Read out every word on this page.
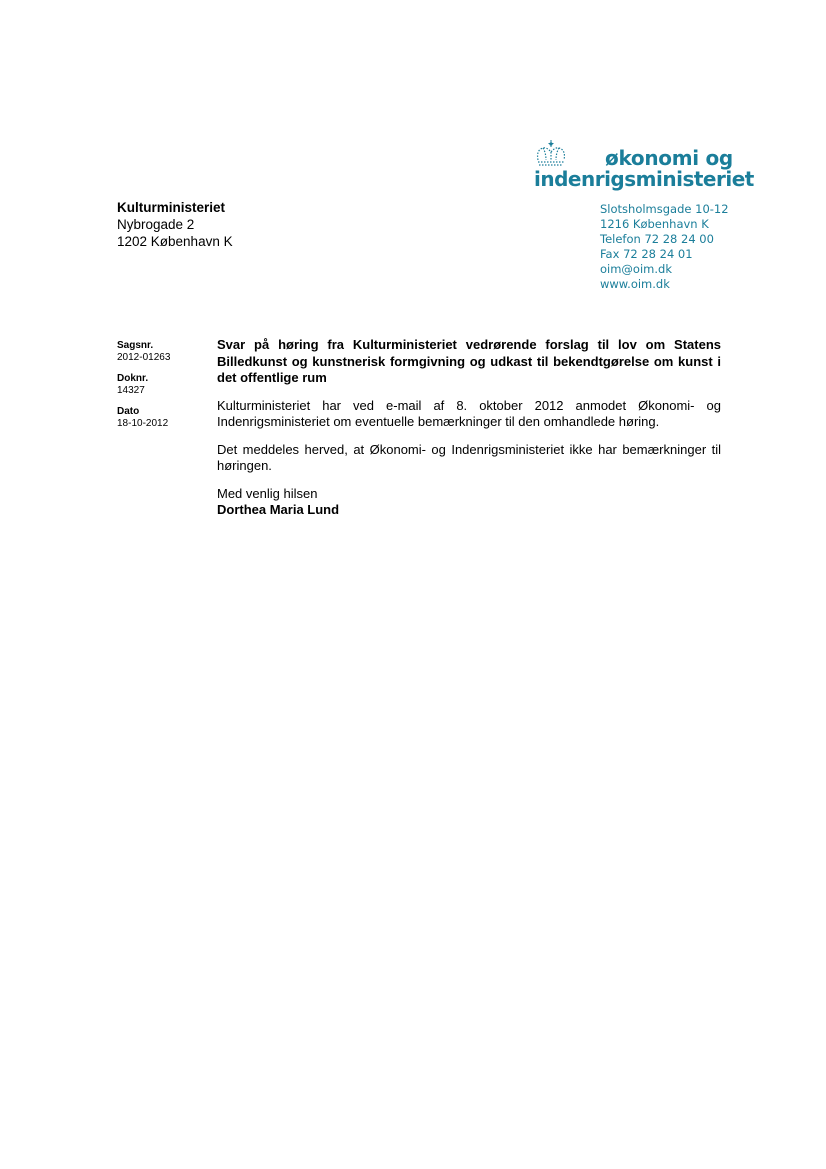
økonomi og
indenrigsministeriet
Slotsholmsgade 10-12
1216 København K
Telefon 72 28 24 00
Fax 72 28 24 01
oim@oim.dk
www.oim.dk
Kulturministeriet
Nybrogade 2
1202 København K
Sagsnr.
2012-01263
Doknr.
14327
Dato
18-10-2012

Svar på høring fra Kulturministeriet vedrørende forslag til lov om Statens Billedkunst og kunstnerisk formgivning og udkast til bekendtgørelse om kunst i det offentlige rum

Kulturministeriet har ved e-mail af 8. oktober 2012 anmodet Økonomi- og Indenrigsministeriet om eventuelle bemærkninger til den omhandlede høring.

Det meddeles herved, at Økonomi- og Indenrigsministeriet ikke har bemærkninger til høringen.

Med venlig hilsen

Dorthea Maria Lund
